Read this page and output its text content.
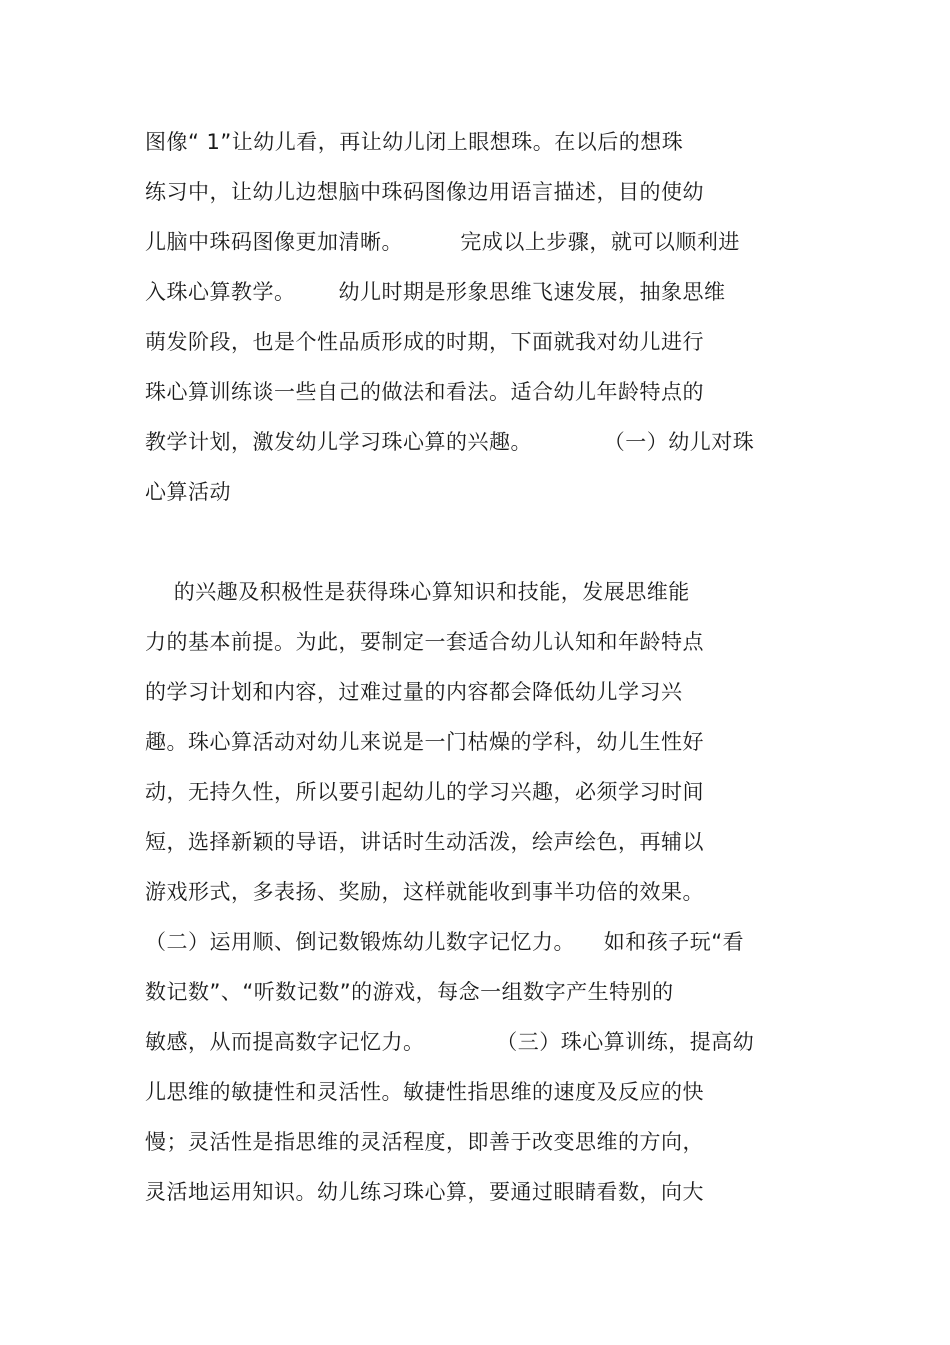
图像“ 1”让幼儿看，再让幼儿闭上眼想珠。在以后的想珠
练习中，让幼儿边想脑中珠码图像边用语言描述，目的使幼
儿脑中珠码图像更加清晰。        完成以上步骤，就可以顺利进
入珠心算教学。      幼儿时期是形象思维飞速发展，抽象思维
萌发阶段，也是个性品质形成的时期，下面就我对幼儿进行
珠心算训练谈一些自己的做法和看法。适合幼儿年龄特点的
教学计划，激发幼儿学习珠心算的兴趣。          （一）幼儿对珠
心算活动
的兴趣及积极性是获得珠心算知识和技能，发展思维能
力的基本前提。为此，要制定一套适合幼儿认知和年龄特点
的学习计划和内容，过难过量的内容都会降低幼儿学习兴
趣。珠心算活动对幼儿来说是一门枯燥的学科，幼儿生性好
动，无持久性，所以要引起幼儿的学习兴趣，必须学习时间
短，选择新颖的导语，讲话时生动活泼，绘声绘色，再辅以
游戏形式，多表扬、奖励，这样就能收到事半功倍的效果。
（二）运用顺、倒记数锻炼幼儿数字记忆力。    如和孩子玩“看
数记数”、“听数记数”的游戏，每念一组数字产生特别的
敏感，从而提高数字记忆力。          （三）珠心算训练，提高幼
儿思维的敏捷性和灵活性。敏捷性指思维的速度及反应的快
慢；灵活性是指思维的灵活程度，即善于改变思维的方向，
灵活地运用知识。幼儿练习珠心算，要通过眼睛看数，向大
